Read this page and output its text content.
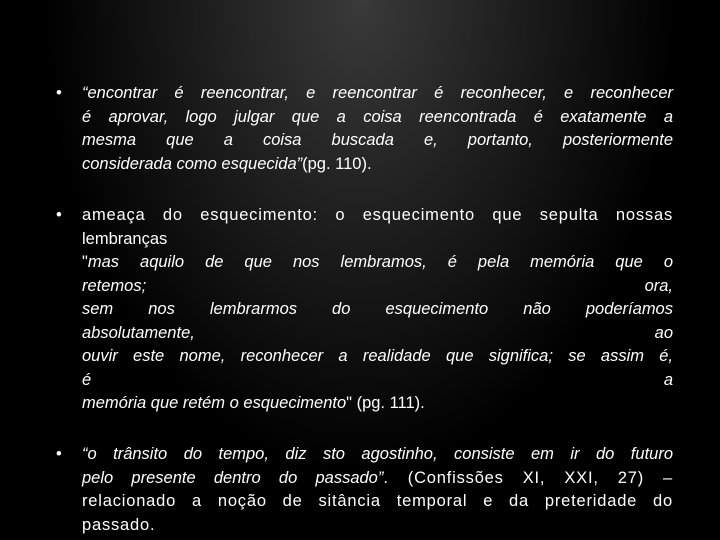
•	“encontrar é reencontrar, e reencontrar é reconhecer, e reconhecer
é aprovar, logo julgar que a coisa reencontrada é exatamente a
mesma que a coisa buscada e, portanto, posteriormente
considerada como esquecida”(pg. 110).
•	ameaça do esquecimento: o esquecimento que sepulta nossas
lembranças
"mas aquilo de que nos lembramos, é pela memória que o
retemos;	ora,
sem nos lembrarmos do esquecimento não poderíamos
absolutamente,	ao
ouvir este nome, reconhecer a realidade que significa; se assim é,
é	a
memória que retém o esquecimento" (pg. 111).
•	“o trânsito do tempo, diz sto agostinho, consiste em ir do futuro
pelo presente dentro do passado”. (Confissões XI, XXI, 27) –
relacionado a noção de sitância temporal e da preteridade do
passado.
